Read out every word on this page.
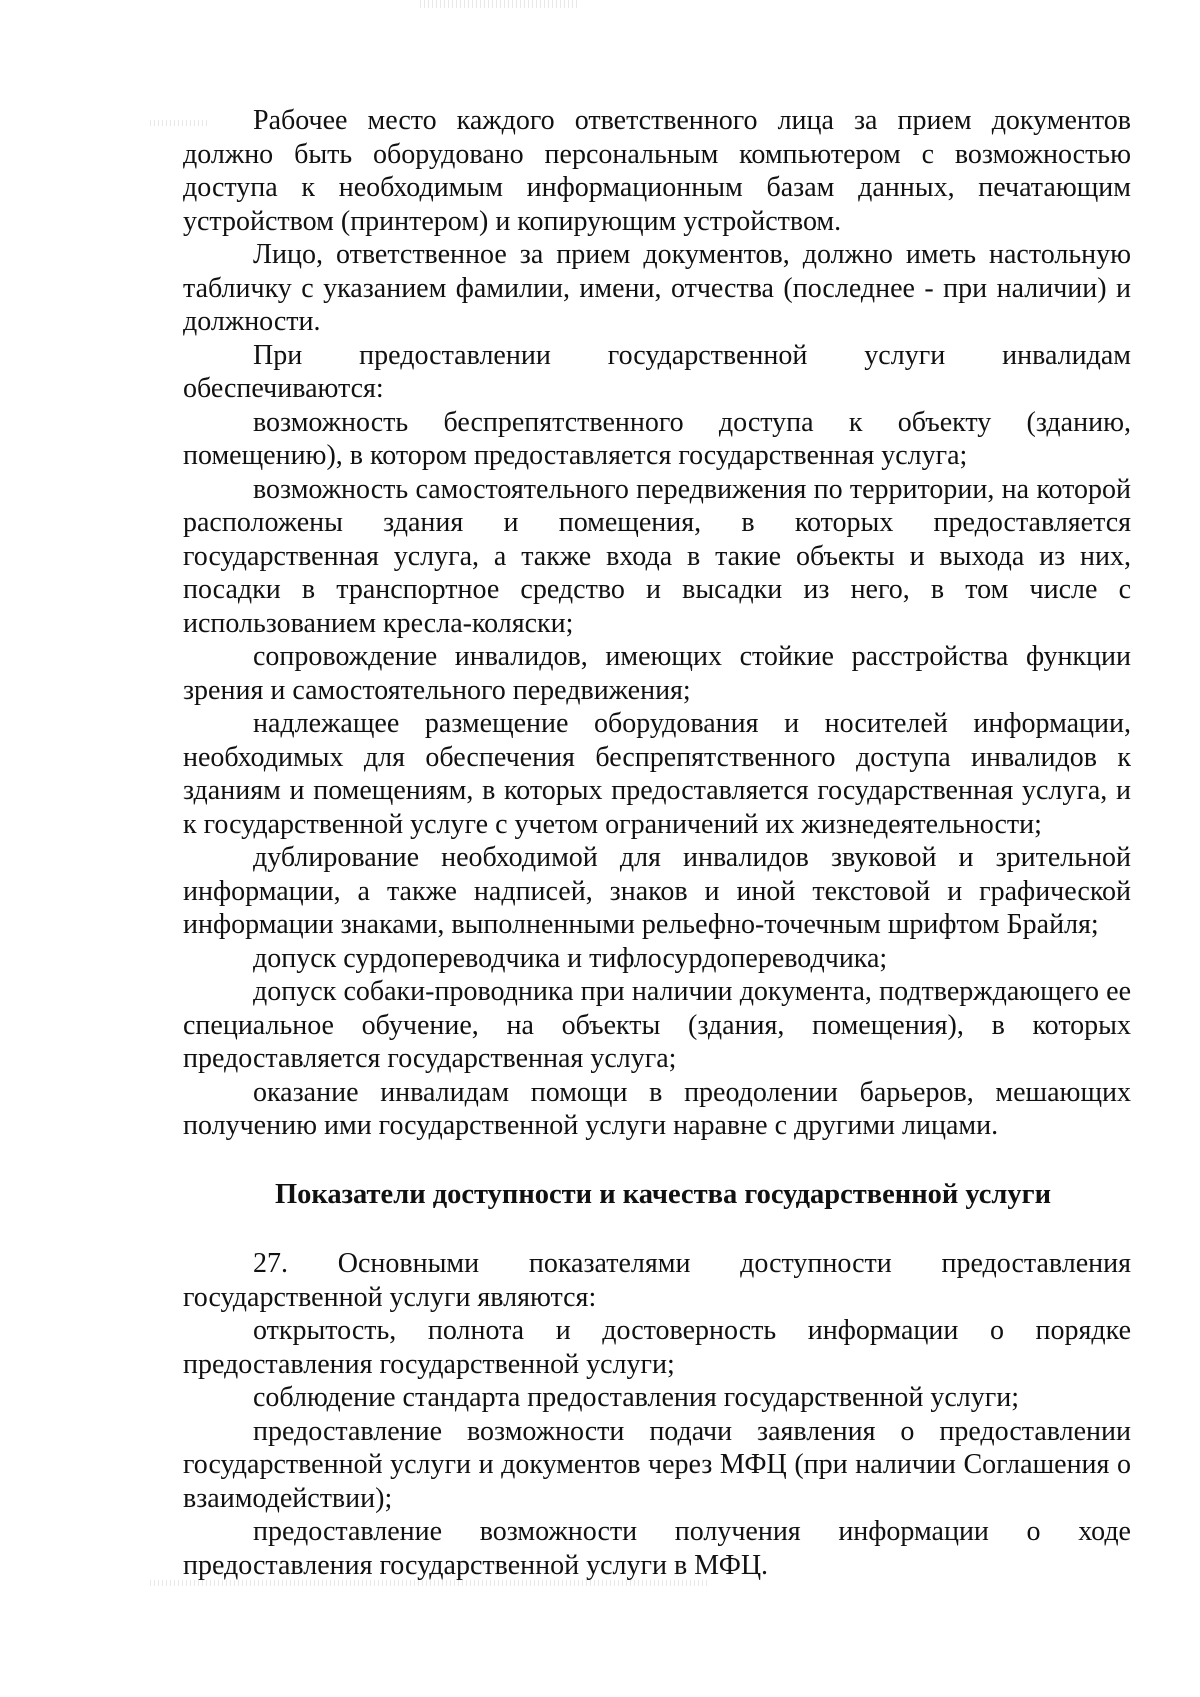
Рабочее место каждого ответственного лица за прием документов должно быть оборудовано персональным компьютером с возможностью доступа к необходимым информационным базам данных, печатающим устройством (принтером) и копирующим устройством.

Лицо, ответственное за прием документов, должно иметь настольную табличку с указанием фамилии, имени, отчества (последнее - при наличии) и должности.

При предоставлении государственной услуги инвалидам обеспечиваются:

возможность беспрепятственного доступа к объекту (зданию, помещению), в котором предоставляется государственная услуга;

возможность самостоятельного передвижения по территории, на которой расположены здания и помещения, в которых предоставляется государственная услуга, а также входа в такие объекты и выхода из них, посадки в транспортное средство и высадки из него, в том числе с использованием кресла-коляски;

сопровождение инвалидов, имеющих стойкие расстройства функции зрения и самостоятельного передвижения;

надлежащее размещение оборудования и носителей информации, необходимых для обеспечения беспрепятственного доступа инвалидов к зданиям и помещениям, в которых предоставляется государственная услуга, и к государственной услуге с учетом ограничений их жизнедеятельности;

дублирование необходимой для инвалидов звуковой и зрительной информации, а также надписей, знаков и иной текстовой и графической информации знаками, выполненными рельефно-точечным шрифтом Брайля;

допуск сурдопереводчика и тифлосурдопереводчика;

допуск собаки-проводника при наличии документа, подтверждающего ее специальное обучение, на объекты (здания, помещения), в которых предоставляется государственная услуга;

оказание инвалидам помощи в преодолении барьеров, мешающих получению ими государственной услуги наравне с другими лицами.

Показатели доступности и качества государственной услуги

27. Основными показателями доступности предоставления государственной услуги являются:

открытость, полнота и достоверность информации о порядке предоставления государственной услуги;

соблюдение стандарта предоставления государственной услуги;

предоставление возможности подачи заявления о предоставлении государственной услуги и документов через МФЦ (при наличии Соглашения о взаимодействии);

предоставление возможности получения информации о ходе предоставления государственной услуги в МФЦ.
